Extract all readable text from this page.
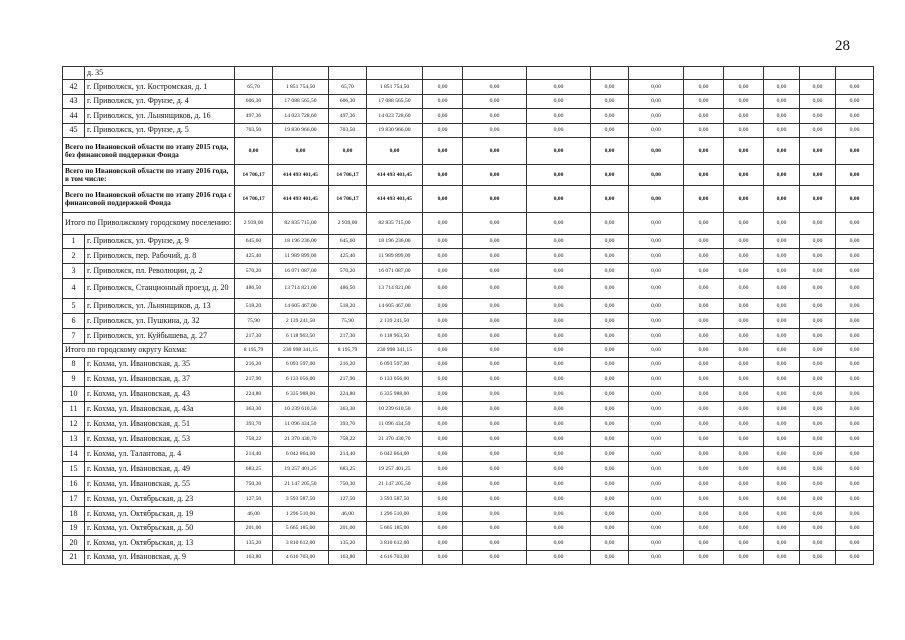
28
	д. 35														
42	г. Приволжск, ул. Костромская, д. 1	65,70	1 851 754,50	65,70	1 851 754,50	0,00	0,00	0,00	0,00	0,00	0,00	0,00	0,00	0,00	0,00
43	г. Приволжск, ул. Фрунзе, д. 4	606,30	17 088 565,50	606,30	17 088 565,50	0,00	0,00	0,00	0,00	0,00	0,00	0,00	0,00	0,00	0,00
44	г. Приволжск, ул. Льнянщиков, д. 16	497,36	14 023 728,60	497,36	14 023 728,60	0,00	0,00	0,00	0,00	0,00	0,00	0,00	0,00	0,00	0,00
45	г. Приволжск, ул. Фрунзе, д. 5	703,50	19 830 966,00	703,50	19 830 966,00	0,00	0,00	0,00	0,00	0,00	0,00	0,00	0,00	0,00	0,00
Всего по Ивановской области по этапу 2015 года, без финансовой поддержки Фонда		0,00	0,00	0,00	0,00	0,00	0,00	0,00	0,00	0,00	0,00	0,00	0,00	0,00	0,00
Всего по Ивановской области по этапу 2016 года, в том числе:		14 706,17	414 493 401,45	14 706,17	414 493 401,45	0,00	0,00	0,00	0,00	0,00	0,00	0,00	0,00	0,00	0,00
Всего по Ивановской области по этапу 2016 года с финансовой поддержкой Фонда		14 706,17	414 493 401,45	14 706,17	414 493 401,45	0,00	0,00	0,00	0,00	0,00	0,00	0,00	0,00	0,00	0,00
Итого по Приволжскому городскому поселению:		2 939,00	82 835 715,00	2 939,00	82 835 715,00	0,00	0,00	0,00	0,00	0,00	0,00	0,00	0,00	0,00	0,00
1	г. Приволжск, ул. Фрунзе, д. 9	645,60	18 196 236,00	645,60	18 196 236,00	0,00	0,00	0,00	0,00	0,00	0,00	0,00	0,00	0,00	0,00
2	г. Приволжск, пер. Рабочий, д. 8	425,40	11 989 899,00	425,40	11 989 899,00	0,00	0,00	0,00	0,00	0,00	0,00	0,00	0,00	0,00	0,00
3	г. Приволжск, пл. Революции, д. 2	570,20	16 071 087,00	570,20	16 071 087,00	0,00	0,00	0,00	0,00	0,00	0,00	0,00	0,00	0,00	0,00
4	г. Приволжск, Станционный проезд, д. 20	486,50	13 714 821,00	486,50	13 714 821,00	0,00	0,00	0,00	0,00	0,00	0,00	0,00	0,00	0,00	0,00
5	г. Приволжск, ул. Льнянщиков, д. 13	518,20	14 605 467,00	518,20	14 605 467,00	0,00	0,00	0,00	0,00	0,00	0,00	0,00	0,00	0,00	0,00
6	г. Приволжск, ул. Пушкина, д. 32	75,90	2 139 241,50	75,90	2 139 241,50	0,00	0,00	0,00	0,00	0,00	0,00	0,00	0,00	0,00	0,00
7	г. Приволжск, ул. Куйбышева, д. 27	217,30	6 118 963,50	217,30	6 118 963,50	0,00	0,00	0,00	0,00	0,00	0,00	0,00	0,00	0,00	0,00
Итого по городскому округу Кохма:		8 195,79	230 998 341,15	8 195,79	230 998 341,15	0,00	0,00	0,00	0,00	0,00	0,00	0,00	0,00	0,00	0,00
8	г. Кохма, ул. Ивановская, д. 35	216,20	6 093 597,00	216,20	6 093 597,00	0,00	0,00	0,00	0,00	0,00	0,00	0,00	0,00	0,00	0,00
9	г. Кохма, ул. Ивановская, д. 37	217,90	6 133 056,00	217,90	6 133 056,00	0,00	0,00	0,00	0,00	0,00	0,00	0,00	0,00	0,00	0,00
10	г. Кохма, ул. Ивановская, д. 43	224,80	6 335 988,00	224,80	6 335 988,00	0,00	0,00	0,00	0,00	0,00	0,00	0,00	0,00	0,00	0,00
11	г. Кохма, ул. Ивановская, д. 43а	363,30	10 239 610,50	363,30	10 239 610,50	0,00	0,00	0,00	0,00	0,00	0,00	0,00	0,00	0,00	0,00
12	г. Кохма, ул. Ивановская, д. 51	393,70	11 096 434,50	393,70	11 096 434,50	0,00	0,00	0,00	0,00	0,00	0,00	0,00	0,00	0,00	0,00
13	г. Кохма, ул. Ивановская, д. 53	758,22	21 370 430,70	758,22	21 370 430,70	0,00	0,00	0,00	0,00	0,00	0,00	0,00	0,00	0,00	0,00
14	г. Кохма, ул. Талантова, д. 4	214,40	6 042 864,00	214,40	6 042 864,00	0,00	0,00	0,00	0,00	0,00	0,00	0,00	0,00	0,00	0,00
15	г. Кохма, ул. Ивановская, д. 49	683,25	19 257 401,25	683,25	19 257 401,25	0,00	0,00	0,00	0,00	0,00	0,00	0,00	0,00	0,00	0,00
16	г. Кохма, ул. Ивановская, д. 55	750,30	21 147 205,50	750,30	21 147 205,50	0,00	0,00	0,00	0,00	0,00	0,00	0,00	0,00	0,00	0,00
17	г. Кохма, ул. Октябрьская, д. 23	127,50	3 593 587,50	127,50	3 593 587,50	0,00	0,00	0,00	0,00	0,00	0,00	0,00	0,00	0,00	0,00
18	г. Кохма, ул. Октябрьская, д. 19	46,00	1 296 510,00	46,00	1 296 510,00	0,00	0,00	0,00	0,00	0,00	0,00	0,00	0,00	0,00	0,00
19	г. Кохма, ул. Октябрьская, д. 50	201,00	5 665 185,00	201,00	5 665 185,00	0,00	0,00	0,00	0,00	0,00	0,00	0,00	0,00	0,00	0,00
20	г. Кохма, ул. Октябрьская, д. 13	135,20	3 810 612,00	135,20	3 810 612,00	0,00	0,00	0,00	0,00	0,00	0,00	0,00	0,00	0,00	0,00
21	г. Кохма, ул. Ивановская, д. 9	163,80	4 616 703,00	163,80	4 616 703,00	0,00	0,00	0,00	0,00	0,00	0,00	0,00	0,00	0,00	0,00
